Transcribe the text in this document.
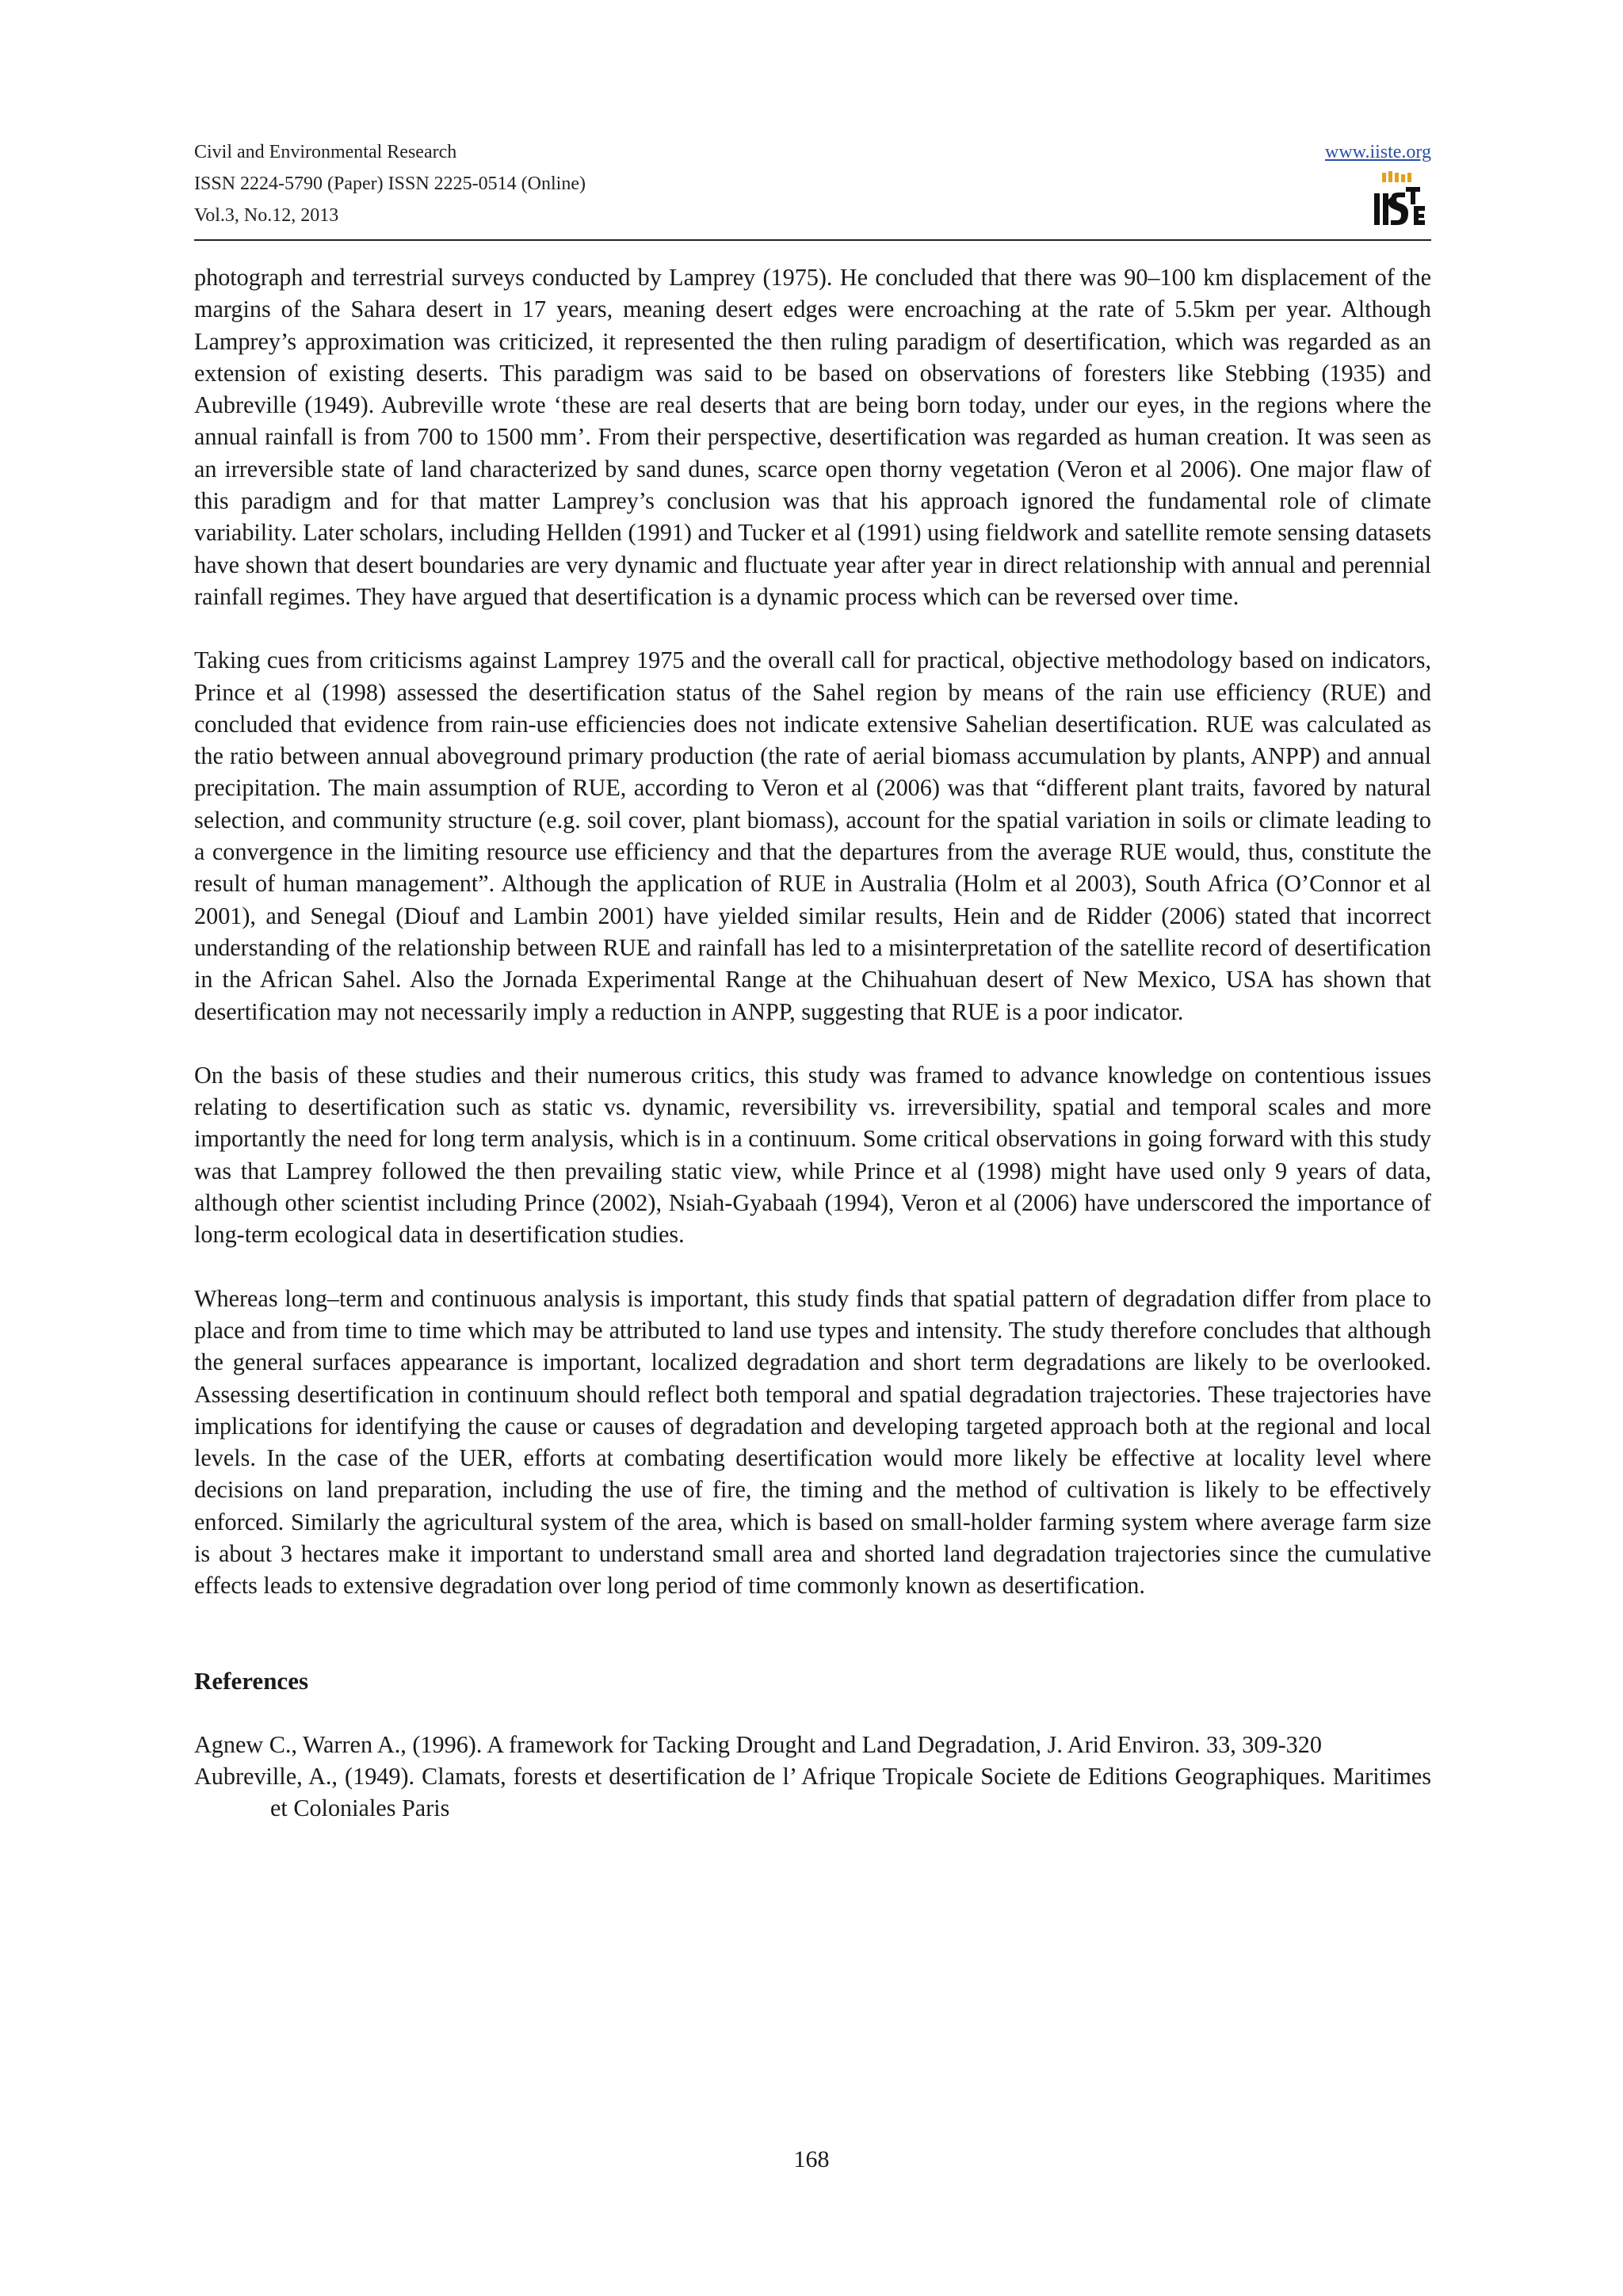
Civil and Environmental Research
ISSN 2224-5790 (Paper) ISSN 2225-0514 (Online)
Vol.3, No.12, 2013
www.iiste.org

photograph and terrestrial surveys conducted by Lamprey (1975). He concluded that there was 90–100 km displacement of the margins of the Sahara desert in 17 years, meaning desert edges were encroaching at the rate of 5.5km per year. Although Lamprey’s approximation was criticized, it represented the then ruling paradigm of desertification, which was regarded as an extension of existing deserts. This paradigm was said to be based on observations of foresters like Stebbing (1935) and Aubreville (1949). Aubreville wrote ‘these are real deserts that are being born today, under our eyes, in the regions where the annual rainfall is from 700 to 1500 mm’. From their perspective, desertification was regarded as human creation. It was seen as an irreversible state of land characterized by sand dunes, scarce open thorny vegetation (Veron et al 2006). One major flaw of this paradigm and for that matter Lamprey’s conclusion was that his approach ignored the fundamental role of climate variability. Later scholars, including Hellden (1991) and Tucker et al (1991) using fieldwork and satellite remote sensing datasets have shown that desert boundaries are very dynamic and fluctuate year after year in direct relationship with annual and perennial rainfall regimes. They have argued that desertification is a dynamic process which can be reversed over time.

Taking cues from criticisms against Lamprey 1975 and the overall call for practical, objective methodology based on indicators, Prince et al (1998) assessed the desertification status of the Sahel region by means of the rain use efficiency (RUE) and concluded that evidence from rain-use efficiencies does not indicate extensive Sahelian desertification. RUE was calculated as the ratio between annual aboveground primary production (the rate of aerial biomass accumulation by plants, ANPP) and annual precipitation. The main assumption of RUE, according to Veron et al (2006) was that “different plant traits, favored by natural selection, and community structure (e.g. soil cover, plant biomass), account for the spatial variation in soils or climate leading to a convergence in the limiting resource use efficiency and that the departures from the average RUE would, thus, constitute the result of human management”. Although the application of RUE in Australia (Holm et al 2003), South Africa (O’Connor et al 2001), and Senegal (Diouf and Lambin 2001) have yielded similar results, Hein and de Ridder (2006) stated that incorrect understanding of the relationship between RUE and rainfall has led to a misinterpretation of the satellite record of desertification in the African Sahel. Also the Jornada Experimental Range at the Chihuahuan desert of New Mexico, USA has shown that desertification may not necessarily imply a reduction in ANPP, suggesting that RUE is a poor indicator.

On the basis of these studies and their numerous critics, this study was framed to advance knowledge on contentious issues relating to desertification such as static vs. dynamic, reversibility vs. irreversibility, spatial and temporal scales and more importantly the need for long term analysis, which is in a continuum. Some critical observations in going forward with this study was that Lamprey followed the then prevailing static view, while Prince et al (1998) might have used only 9 years of data, although other scientist including Prince (2002), Nsiah-Gyabaah (1994), Veron et al (2006) have underscored the importance of long-term ecological data in desertification studies.

Whereas long–term and continuous analysis is important, this study finds that spatial pattern of degradation differ from place to place and from time to time which may be attributed to land use types and intensity. The study therefore concludes that although the general surfaces appearance is important, localized degradation and short term degradations are likely to be overlooked. Assessing desertification in continuum should reflect both temporal and spatial degradation trajectories. These trajectories have implications for identifying the cause or causes of degradation and developing targeted approach both at the regional and local levels. In the case of the UER, efforts at combating desertification would more likely be effective at locality level where decisions on land preparation, including the use of fire, the timing and the method of cultivation is likely to be effectively enforced. Similarly the agricultural system of the area, which is based on small-holder farming system where average farm size is about 3 hectares make it important to understand small area and shorted land degradation trajectories since the cumulative effects leads to extensive degradation over long period of time commonly known as desertification.

References

Agnew C., Warren A., (1996). A framework for Tacking Drought and Land Degradation, J. Arid Environ. 33, 309-320

Aubreville, A., (1949). Clamats, forests et desertification de l’ Afrique Tropicale Societe de Editions Geographiques. Maritimes et Coloniales Paris

168
